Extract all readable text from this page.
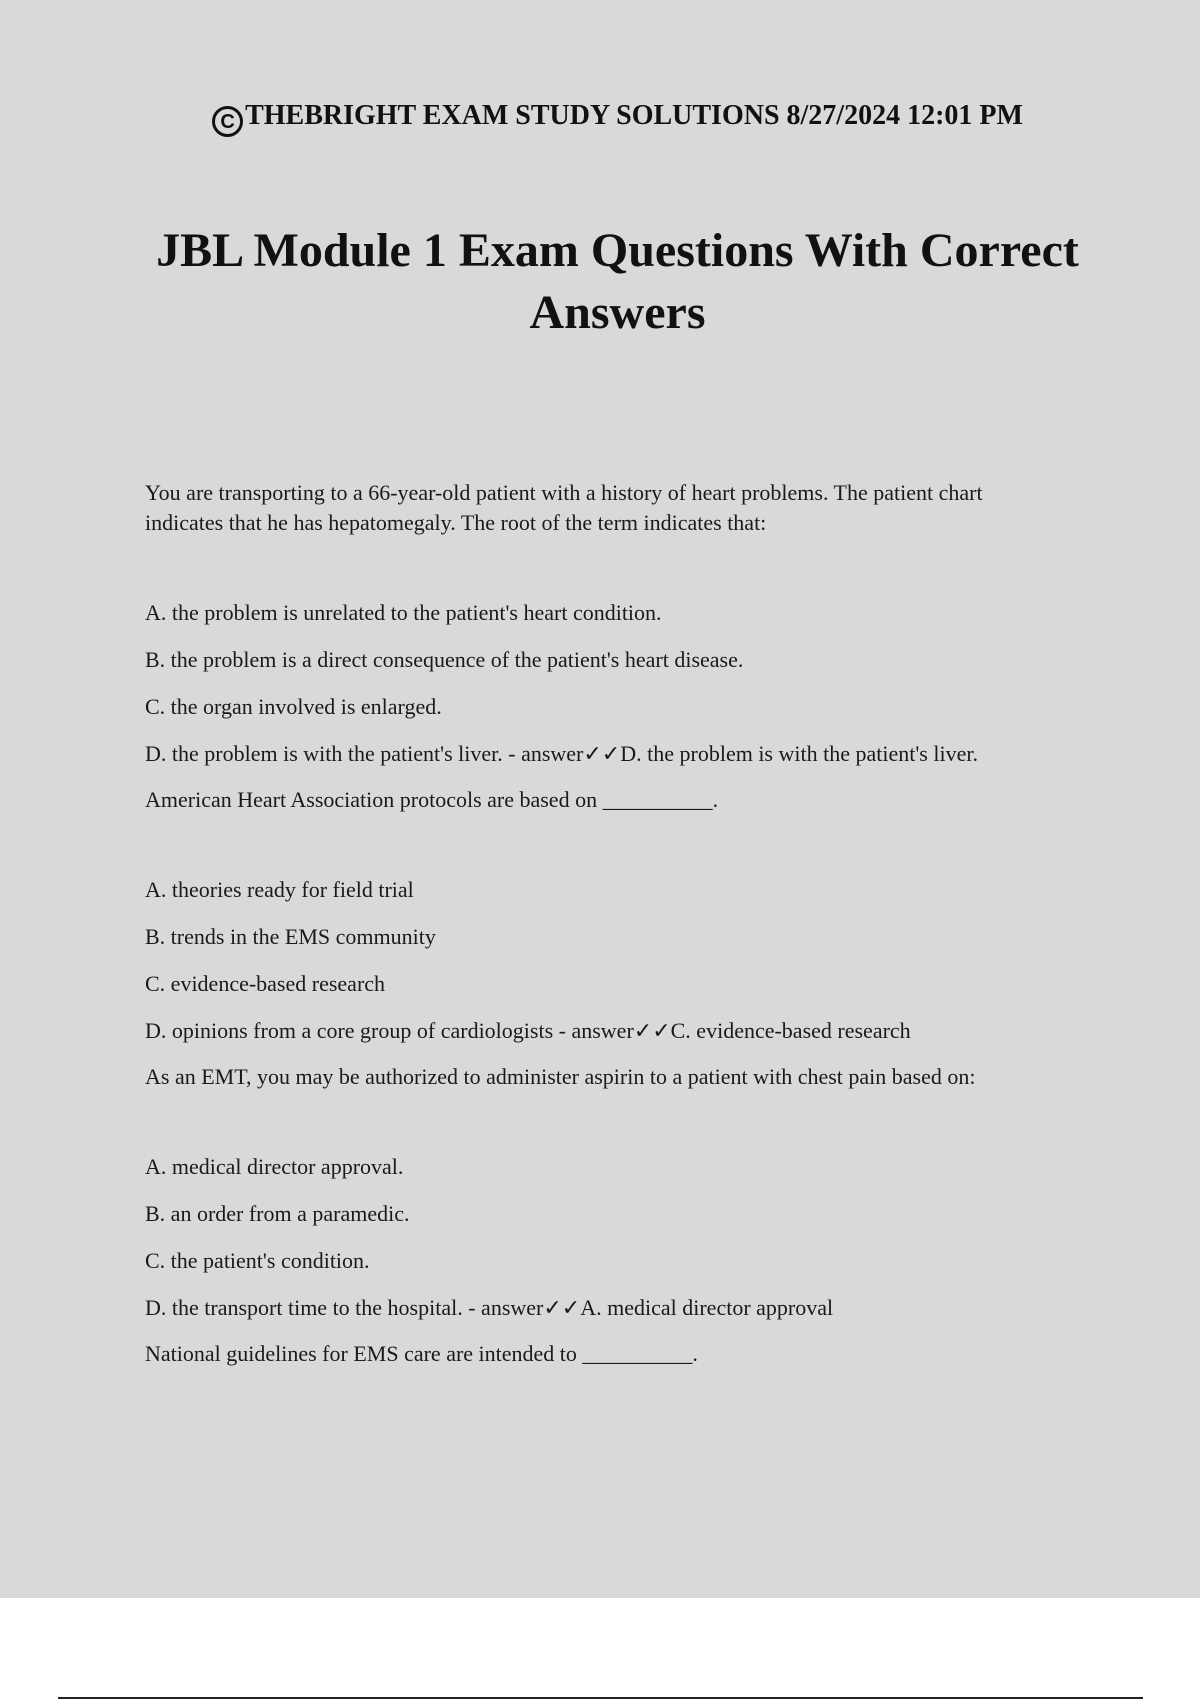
C THEBRIGHT EXAM STUDY SOLUTIONS 8/27/2024 12:01 PM
JBL Module 1 Exam Questions With Correct
Answers

You are transporting to a 66-year-old patient with a history of heart problems. The patient chart

indicates that he has hepatomegaly. The root of the term indicates that:

A. the problem is unrelated to the patient's heart condition.

B. the problem is a direct consequence of the patient's heart disease.

C. the organ involved is enlarged.

D. the problem is with the patient's liver. - answer✓✓D. the problem is with the patient's liver.

American Heart Association protocols are based on __________.

A. theories ready for field trial

B. trends in the EMS community

C. evidence-based research

D. opinions from a core group of cardiologists - answer✓✓C. evidence-based research

As an EMT, you may be authorized to administer aspirin to a patient with chest pain based on:

A. medical director approval.

B. an order from a paramedic.

C. the patient's condition.

D. the transport time to the hospital. - answer✓✓A. medical director approval

National guidelines for EMS care are intended to __________.
